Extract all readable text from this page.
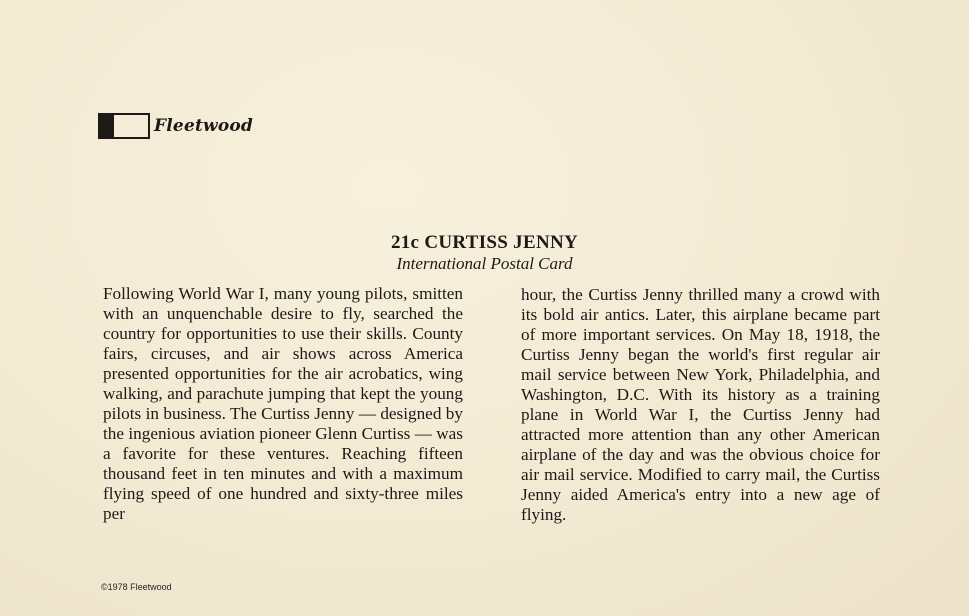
Fleetwood
21c CURTISS JENNY
International Postal Card
Following World War I, many young pilots, smitten with an unquenchable desire to fly, searched the country for opportunities to use their skills. County fairs, circuses, and air shows across America presented opportunities for the air acrobatics, wing walking, and parachute jumping that kept the young pilots in business. The Curtiss Jenny — designed by the ingenious aviation pioneer Glenn Curtiss — was a favorite for these ventures. Reaching fifteen thousand feet in ten minutes and with a maximum flying speed of one hundred and sixty-three miles per
hour, the Curtiss Jenny thrilled many a crowd with its bold air antics. Later, this airplane became part of more important services. On May 18, 1918, the Curtiss Jenny began the world's first regular air mail service between New York, Philadelphia, and Washington, D.C. With its history as a training plane in World War I, the Curtiss Jenny had attracted more attention than any other American airplane of the day and was the obvious choice for air mail service. Modified to carry mail, the Curtiss Jenny aided America's entry into a new age of flying.
©1978 Fleetwood
